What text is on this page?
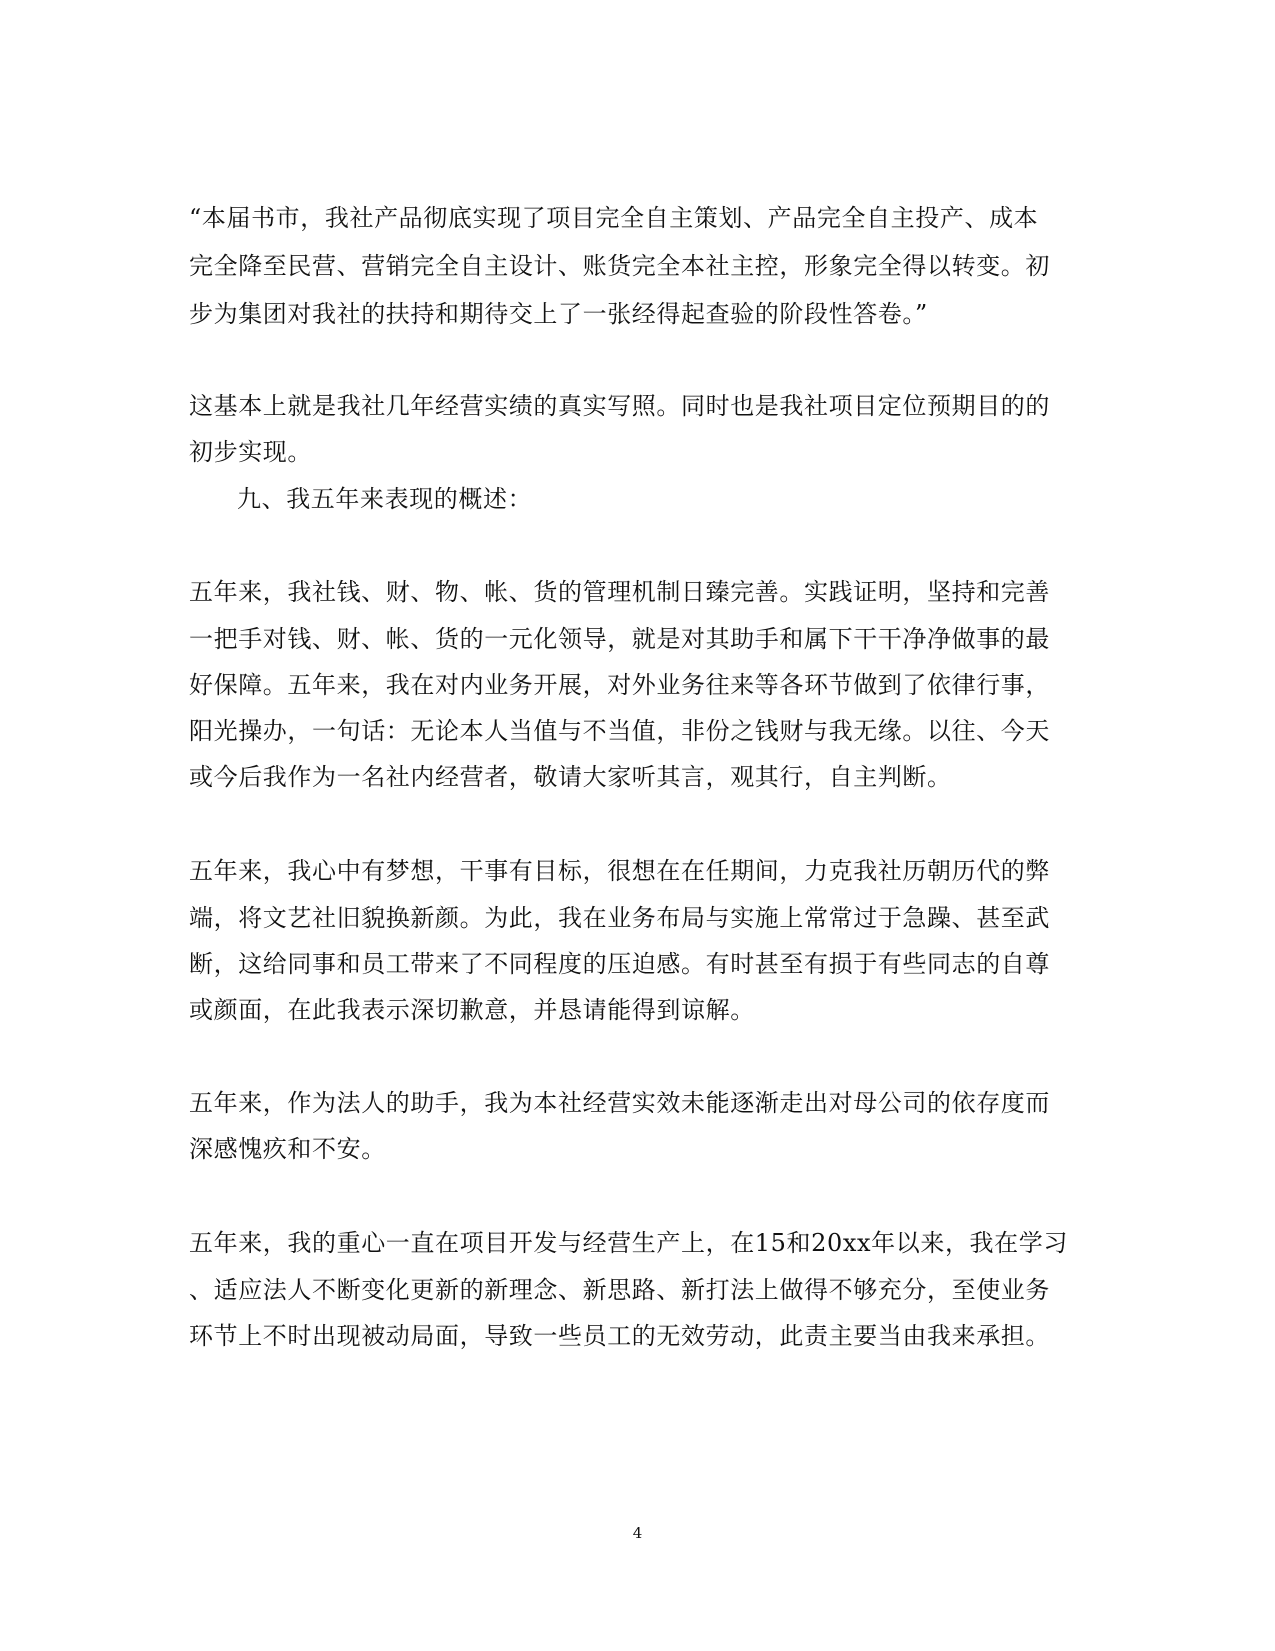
“本届书市，我社产品彻底实现了项目完全自主策划、产品完全自主投产、成本
完全降至民营、营销完全自主设计、账货完全本社主控，形象完全得以转变。初
步为集团对我社的扶持和期待交上了一张经得起查验的阶段性答卷。”
这基本上就是我社几年经营实绩的真实写照。同时也是我社项目定位预期目的的
初步实现。
九、我五年来表现的概述：
五年来，我社钱、财、物、帐、货的管理机制日臻完善。实践证明，坚持和完善
一把手对钱、财、帐、货的一元化领导，就是对其助手和属下干干净净做事的最
好保障。五年来，我在对内业务开展，对外业务往来等各环节做到了依律行事，
阳光操办，一句话：无论本人当值与不当值，非份之钱财与我无缘。以往、今天
或今后我作为一名社内经营者，敬请大家听其言，观其行，自主判断。
五年来，我心中有梦想，干事有目标，很想在在任期间，力克我社历朝历代的弊
端，将文艺社旧貌换新颜。为此，我在业务布局与实施上常常过于急躁、甚至武
断，这给同事和员工带来了不同程度的压迫感。有时甚至有损于有些同志的自尊
或颜面，在此我表示深切歉意，并恳请能得到谅解。
五年来，作为法人的助手，我为本社经营实效未能逐渐走出对母公司的依存度而
深感愧疚和不安。
五年来，我的重心一直在项目开发与经营生产上，在15和20xx年以来，我在学习
、适应法人不断变化更新的新理念、新思路、新打法上做得不够充分，至使业务
环节上不时出现被动局面，导致一些员工的无效劳动，此责主要当由我来承担。
4
